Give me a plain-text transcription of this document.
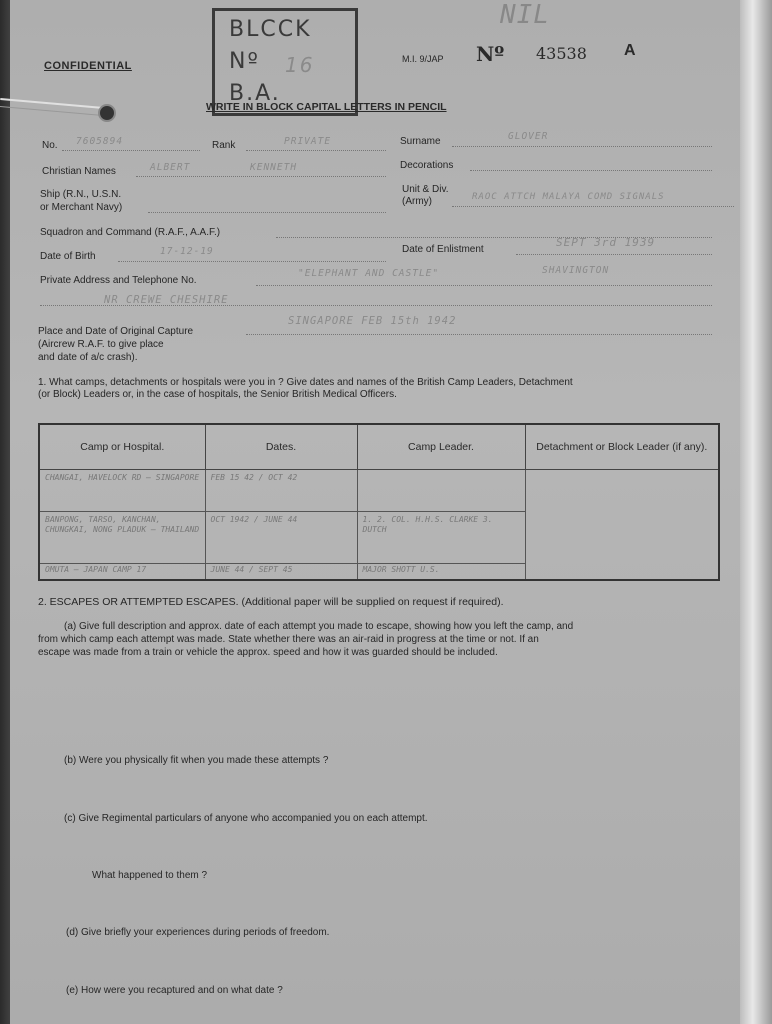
CONFIDENTIAL
BLCCK
Nº 16
B.A.
M.I. 9/JAP Nº 43538 A
NIL
WRITE IN BLOCK CAPITAL LETTERS IN PENCIL
No. 7605894	Rank	PRIVATE	Surname	GLOVER
Christian Names	ALBERT	KENNETH	Decorations
Ship (R.N., U.S.N.
or Merchant Navy)
Unit & Div.
(Army)	RAOC ATTCH MALAYA COMD SIGNALS
Squadron and Command (R.A.F., A.A.F.)
Date of Birth	17-12-19	Date of Enlistment
SEPT 3rd 1939
Private Address and Telephone No.
"ELEPHANT AND CASTLE"	SHAVINGTON
NR CREWE CHESHIRE
Place and Date of Original Capture
(Aircrew R.A.F. to give place
and date of a/c crash).
SINGAPORE FEB 15th 1942
1. What camps, detachments or hospitals were you in ? Give dates and names of the British Camp Leaders, Detachment
(or Block) Leaders or, in the case of hospitals, the Senior British Medical Officers.
Camp or Hospital.	Dates.	Camp Leader.	Detachment or Block Leader (if any).

CHANGAI, HAVELOCK RD — SINGAPORE	FEB 15 42 / OCT 42		

BANPONG, TARSO, KANCHAN, CHUNGKAI, NONG PLADUK — THAILAND	OCT 1942 / JUNE 44	1. 2. COL. H.H.S. CLARKE 3. DUTCH	

OMUTA — JAPAN CAMP 17	JUNE 44 / SEPT 45	MAJOR SHOTT U.S.	
2. ESCAPES OR ATTEMPTED ESCAPES. (Additional paper will be supplied on request if required).
(a) Give full description and approx. date of each attempt you made to escape, showing how you left the camp, and
from which camp each attempt was made. State whether there was an air-raid in progress at the time or not. If an
escape was made from a train or vehicle the approx. speed and how it was guarded should be included.
(b) Were you physically fit when you made these attempts ?
(c) Give Regimental particulars of anyone who accompanied you on each attempt.
What happened to them ?
(d) Give briefly your experiences during periods of freedom.
(e) How were you recaptured and on what date ?
